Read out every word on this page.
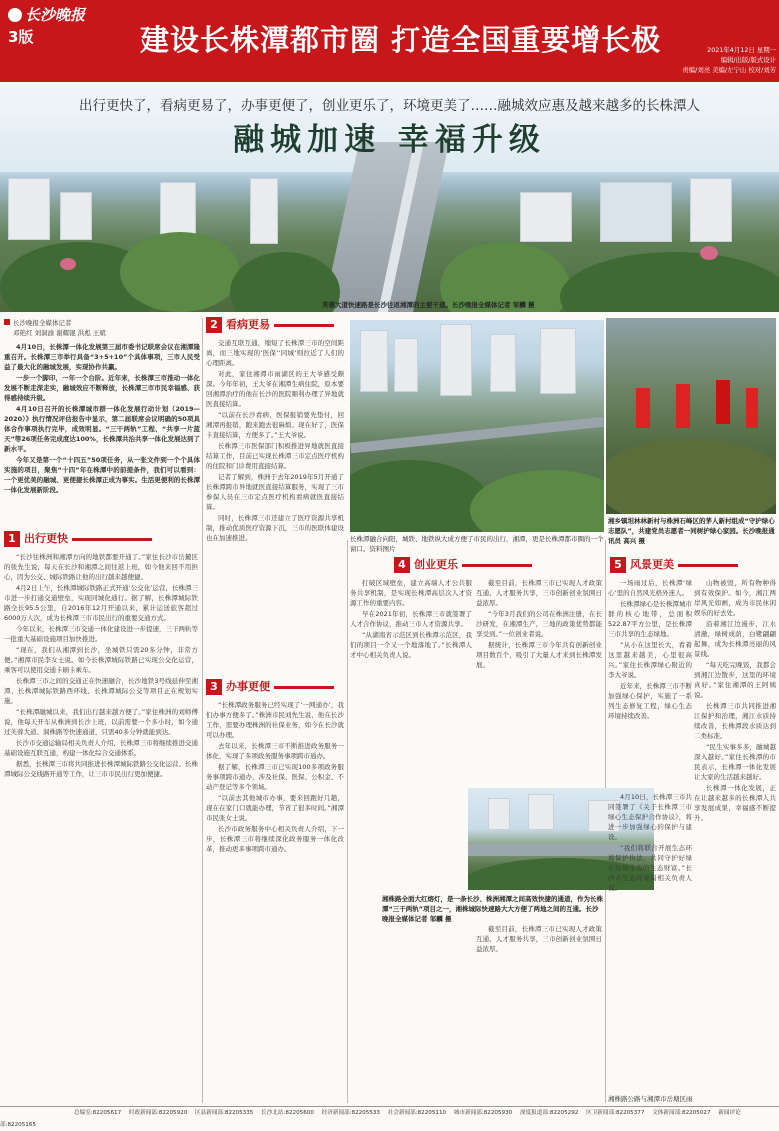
长沙晚报
3版	建设长株潭都市圈 打造全国重要增长极	2021年4月12日 星期一
编辑/出版/版式设计
责编/刘亮 美编/左宁山 校对/刘芳
出行更快了，看病更易了，办事更便了，创业更乐了，环境更美了……融城效应惠及越来越多的长株潭人
融城加速 幸福升级
长沙晚报全媒体记者
邓艳红 刘洞渝 谢耀锟 洪彪 王斌

4月10日，长株潭一体化发展第三届市委书记联席会议在湘潭隆重召开。长株潭三市举行具备“3+5+10”个具体事项，三市人民受益了最大化的融城发展，实现协作共赢。

一步一个脚印，一年一个台阶。近年来，长株潭三市推动一体化发展不断走深走实，融城效应不断释放，长株潭三市市民幸福感、获得感持续升级。

4月10日召开的长株潭城市群一体化发展行动计划（2019—2020）》执行情况评估报告中显示，第二届联席会议明确的50项具体合作事项执行完毕，成效明显。“三干两轨”工程、“共享一片蓝天”等26项任务完成度达100%，长株潭共治共享一体化发展达到了新水平。

今年又是第一个“十四五”50项任务，从一张文件到一个个具体实施的项目，聚焦“十四”年在株潭中的前提条件，我们可以看到：一个更优美的融城、更便捷长株潭正成为事实。生活更便利的长株潭一体化发展新阶段。

1 出行更快

“长沙往株洲和湘潭方向的地铁都要开通了。”家住长沙市岳麓区的张先生说，每天在长沙和湘潭之间往返上班，如今他来回不用担心，因为公交、城际铁路让他的出行越来越便捷。

4月2日上午，长株潭城际铁路正式开通‘公交化’运营，长株潭三市进一步打通交通壁垒，实现同城化通行。据了解，长株潭城际铁路全长95.5公里，自2016年12月开通以来，累计运送旅客超过6000万人次，成为长株潭三市市民出行的重要交通方式。

今年以来，长株潭三市交通一体化建设进一步提速，三干两轨等一批重大基础设施项目加快推进。

“现在，我们从湘潭到长沙，坐城铁只需20多分钟，非常方便。”湘潭市民李女士说。如今长株潭城际铁路已实现公交化运营，乘客可以使用交通卡刷卡乘车。

长株潭三市之间的交通正在快速融合，长沙地铁3号线延伸至湘潭、长株潭城际铁路西环线、长株潭城际公交等项目正在规划实施。

“长株潭融城以来，我们出行越来越方便了。”家住株洲的刘师傅说，他每天开车从株洲到长沙上班，以前需要一个多小时，如今通过芙蓉大道、洞株路等快速通道，只需40多分钟就能到达。

长沙市交通运输局相关负责人介绍，长株潭三市将继续推进交通基础设施互联互通，构建一体化综合交通体系。

据悉，长株潭三市将共同推进长株潭城际铁路公交化运营、长株潭城际公交线路开通等工作，让三市市民出行更加便捷。

2 看病更易

交通互联互通，缩短了长株潭三市的空间距离，而三地实现的‘医保’‘同城’则拉近了人们的心理距离。

对此，家住湘潭市雨湖区的王大爷感受颇深。今年年初，王大爷在湘潭生病住院，原本要回湘潭治疗的他在长沙的医院顺利办理了异地就医直接结算。

“以前在长沙看病，医保报销要先垫付，回湘潭再报销，跑来跑去很麻烦。现在好了，医保卡直接结算，方便多了。”王大爷说。

长株潭三市医保部门积极推进异地就医直接结算工作，目前已实现长株潭三市定点医疗机构的住院和门诊费用直接结算。

记者了解到，株洲于去年2019年5月开通了长株潭跨市异地就医直接结算服务，实现了三市参保人员在三市定点医疗机构看病就医直接结算。

同时，长株潭三市还建立了医疗资源共享机制，推动优质医疗资源下沉，三市的医联体建设也在加速推进。

3 办事更便

“长株潭政务服务已经实现了‘一网通办’，我们办事方便多了。”株洲市民刘先生说，他在长沙工作，需要办理株洲的社保业务，如今在长沙就可以办理。

去年以来，长株潭三市不断推进政务服务一体化，实现了多项政务服务事项跨市通办。

据了解，长株潭三市已实现100多项政务服务事项跨市通办，涉及社保、医保、公积金、不动产登记等多个领域。

“以前去其他城市办事，要来回跑好几趟，现在在家门口就能办理，节省了很多时间。”湘潭市民张女士说。

长沙市政务服务中心相关负责人介绍，下一步，长株潭三市将继续深化政务服务一体化改革，推动更多事项跨市通办。

芙蓉大道快速路是长沙往返湘潭的主要干道。长沙晚报全媒体记者 邹麟 摄
长株潭融合向阳，城铁、地铁纵大成方便了市民的出行，湘潭，更是长株潭都市圈的一个窗口。资料图片
湘乡镇坦林林新村与株洲石峰区的茅人新村组成“守护绿心志愿队”，共建党员志愿者一同树护绿心家园。长沙晚报通讯员 高兴 摄
4 创业更乐

打破区域壁垒，建立高端人才公共服务共享机制，是实现长株潭高层次人才资源工作的重要内容。

早在2021年初，长株潭三市就签署了人才合作协议，推动三市人才资源共享。

“从湖南省示范区到长株潭示范区，我们的项目一个又一个地落地了。”长株潭人才中心相关负责人说。

截至目前，长株潭三市已实现人才政策互通、人才服务共享，三市创新创业氛围日益浓厚。

“今年3月我们的公司在株洲注册，在长沙研发，在湘潭生产，三地的政策优势都能享受到。”一位创业者说。

据统计，长株潭三市今年共有创新创业项目数百个，吸引了大量人才来到长株潭发展。

5 风景更美

一场雨过后，长株潭‘绿心’里的自然风光格外迷人。

长株潭绿心是长株潭城市群的核心地带，总面积522.87平方公里，是长株潭三市共享的生态绿地。

“从小在这里长大，看着这里越来越美，心里很高兴。”家住长株潭绿心附近的李大爷说。

近年来，长株潭三市不断加强绿心保护，实施了一系列生态修复工程，绿心生态环境持续改善。

山物被毁，所有物种得到有效保护。如今，湘江两岸风光如画，成为市民休闲娱乐的好去处。

沿着湘江边漫步，江水清澈，绿树成荫，白鹭翩翩起舞，成为长株潭亮丽的风景线。

“每天吃完晚饭，我都会到湘江边散步，这里的环境真好。”家住湘潭的王阿姨说。

长株潭三市共同推进湘江保护和治理，湘江水质持续改善，长株潭段水质达到二类标准。

“民生实事多多，融城越深入越好。”家住长株潭的市民表示，长株潭一体化发展让大家的生活越来越好。

长株潭一体化发展，正在让越来越多的长株潭人共享发展成果，幸福感不断提升。

4月10日，长株潭三市共同签署了《关于长株潭三市绿心生态保护合作协议》，将进一步加强绿心的保护与建设。

“我们将联合开展生态环境保护执法，共同守护好绿心这块宝贵的生态财富。”长沙市生态环境局相关负责人说。

湘株路全面大红熔灯，是一条长沙、株洲湘潭之间高效快捷的通道，作为长株潭“三干两轨”项目之一，湘株城际快速路大大方便了两地之间的互通。长沙晚报全媒体记者 邹麟 摄

截至目前，长株潭三市已实现人才政策互通、人才服务共享，三市创新创业氛围日益浓厚。

湘株路公路与湘潭市岳塘区雨
总编室:82205617 时政新闻部:82205920 区县新闻部:82205335 长沙北站:82205600 经济新闻部:82205533 社会新闻部:82205110 城市新闻部:82205930 深度报道部:82205292 区卫新闻部:82205377 文体新闻部:82205027 新闻评论部:82205165
